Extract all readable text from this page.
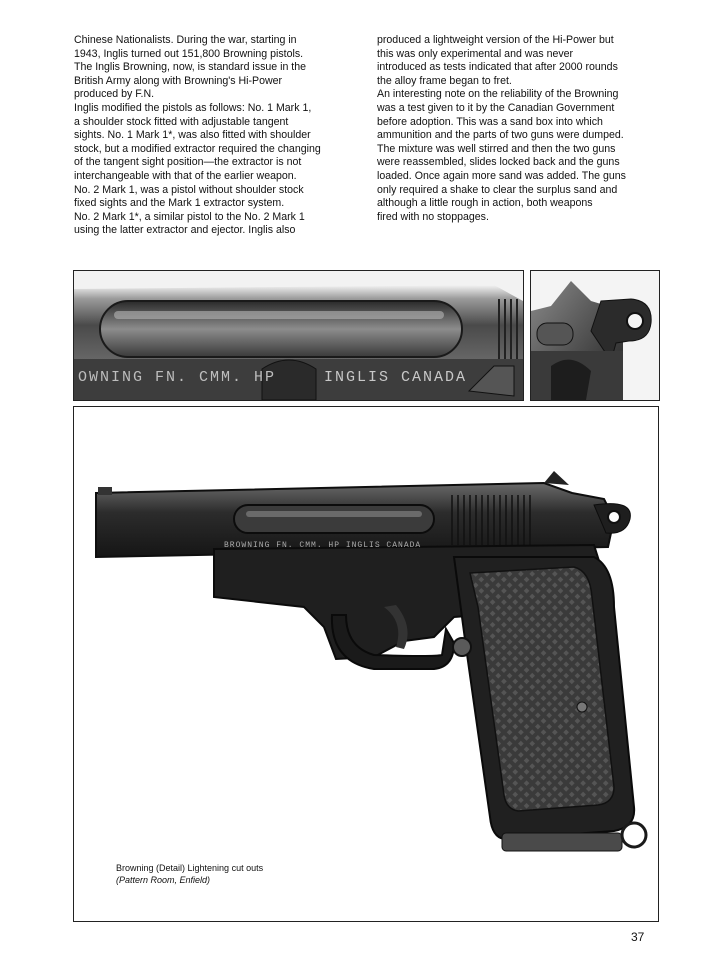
Chinese Nationalists. During the war, starting in

1943, Inglis turned out 151,800 Browning pistols.

The Inglis Browning, now, is standard issue in the

British Army along with Browning's Hi-Power

produced by F.N.

Inglis modified the pistols as follows: No. 1 Mark 1,

a shoulder stock fitted with adjustable tangent

sights. No. 1 Mark 1*, was also fitted with shoulder

stock, but a modified extractor required the changing

of the tangent sight position—the extractor is not

interchangeable with that of the earlier weapon.

No. 2 Mark 1, was a pistol without shoulder stock

fixed sights and the Mark 1 extractor system.

No. 2 Mark 1*, a similar pistol to the No. 2 Mark 1

using the latter extractor and ejector. Inglis also

produced a lightweight version of the Hi-Power but

this was only experimental and was never

introduced as tests indicated that after 2000 rounds

the alloy frame began to fret.

An interesting note on the reliability of the Browning

was a test given to it by the Canadian Government

before adoption. This was a sand box into which

ammunition and the parts of two guns were dumped.

The mixture was well stirred and then the two guns

were reassembled, slides locked back and the guns

loaded. Once again more sand was added. The guns

only required a shake to clear the surplus sand and

although a little rough in action, both weapons

fired with no stoppages.

OWNING FN. CMM. HP	INGLIS CANADA
BROWNING FN. CMM. HP INGLIS CANADA
Browning (Detail) Lightening cut outs
(Pattern Room, Enfield)
37
